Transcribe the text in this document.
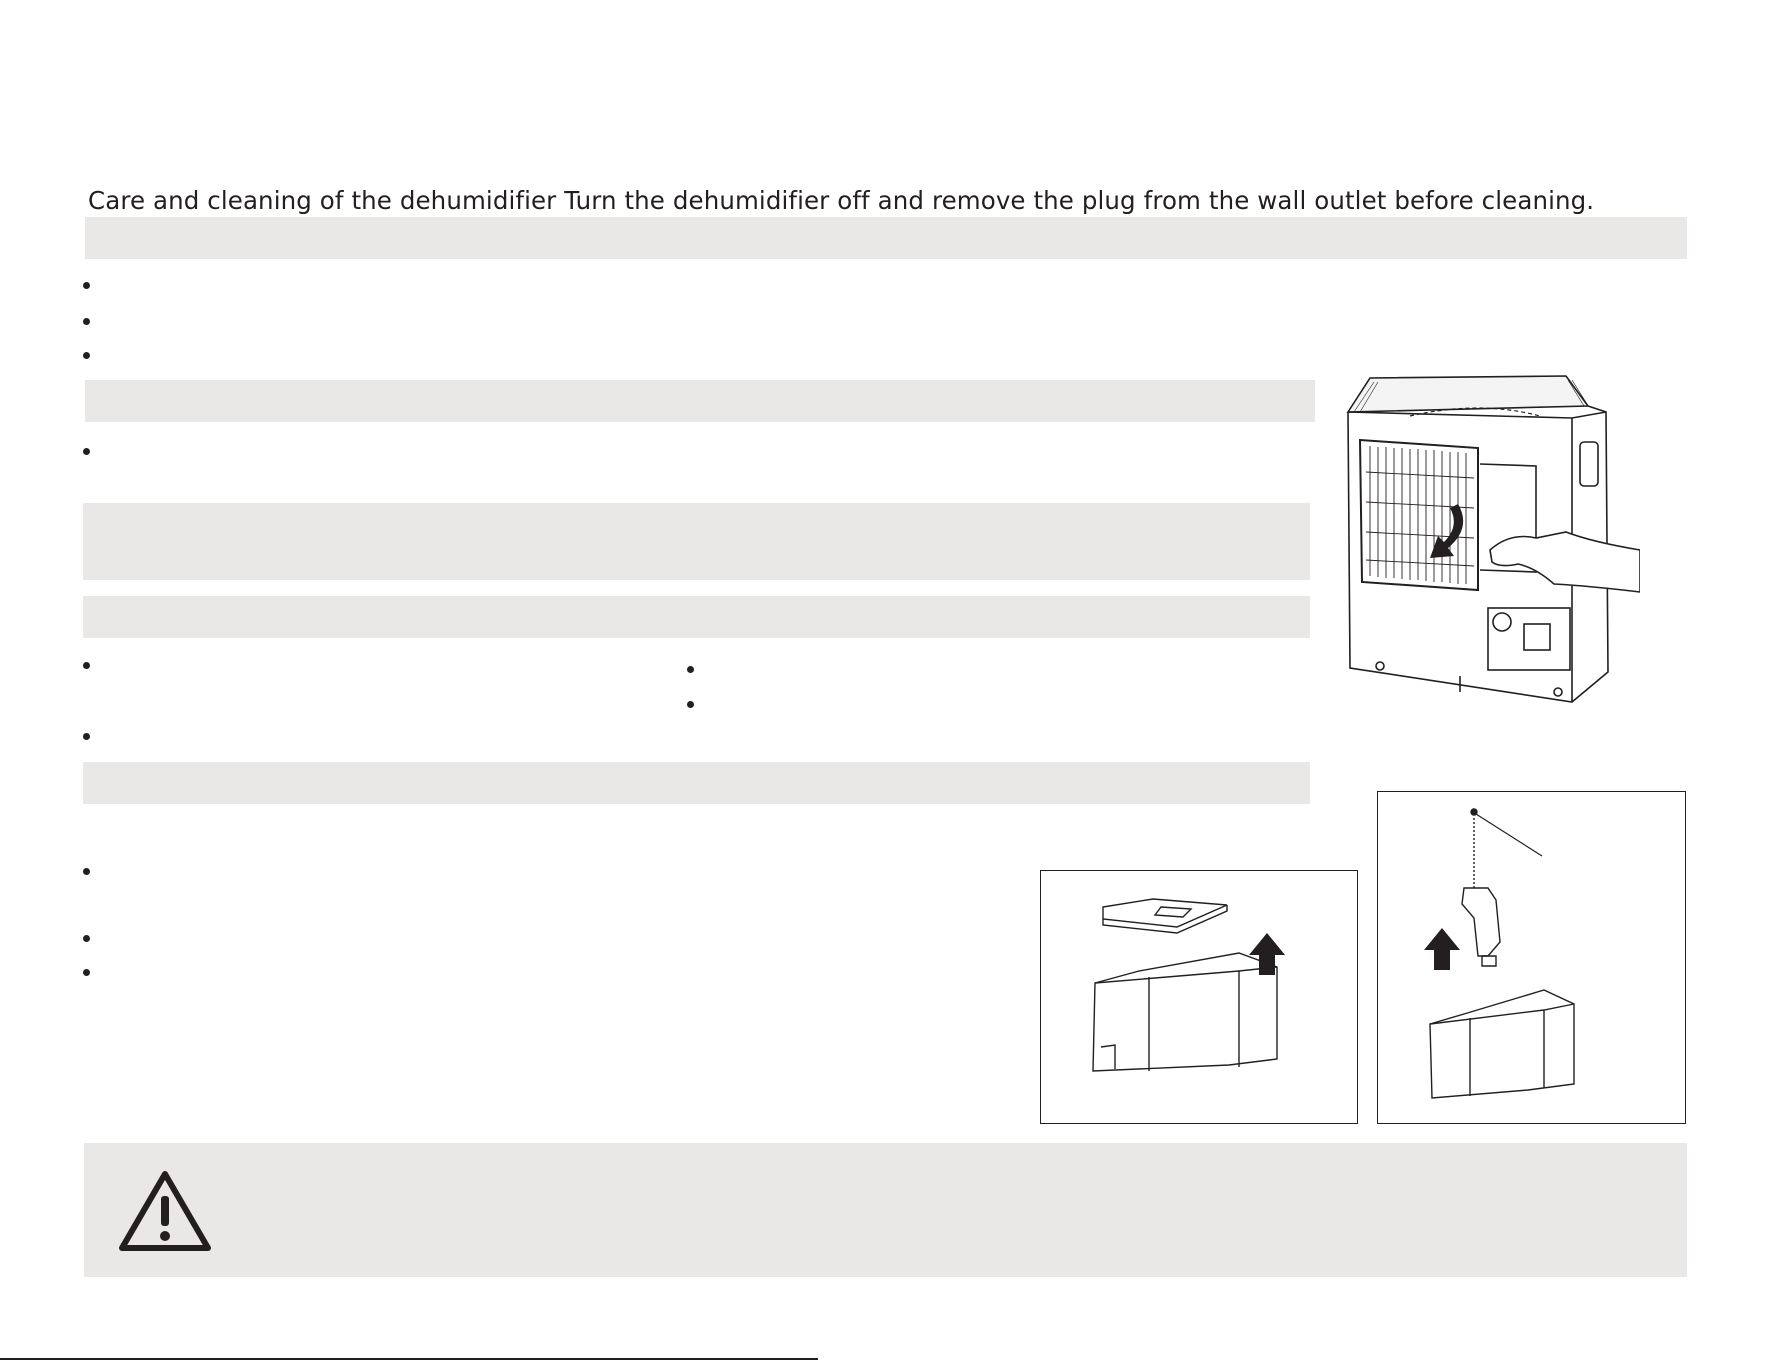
Care and cleaning of the dehumidifier Turn the dehumidifier off and remove the plug from the wall outlet before cleaning.
